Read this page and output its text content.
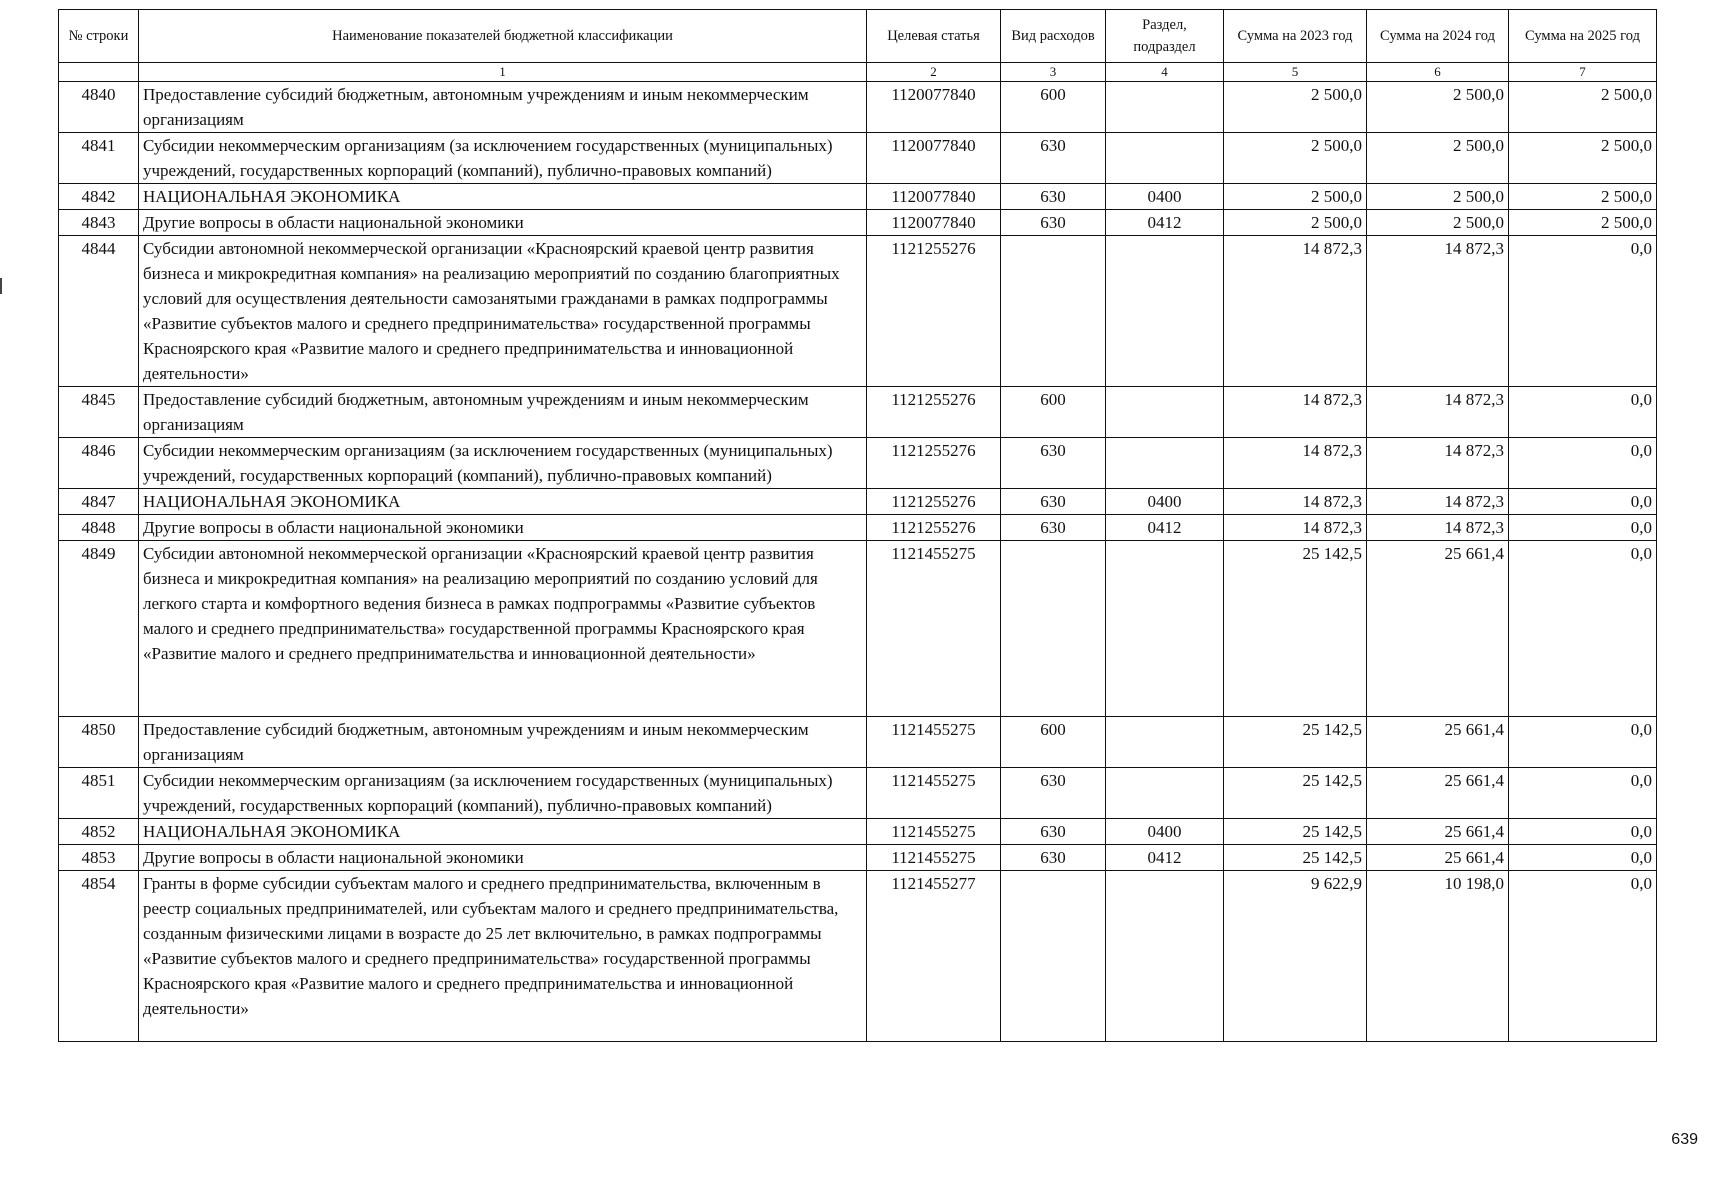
№ строки	Наименование показателей бюджетной классификации	Целевая статья	Вид расходов	Раздел, подраздел	Сумма на 2023 год	Сумма на 2024 год	Сумма на 2025 год
	1	2	3	4	5	6	7
4840	Предоставление субсидий бюджетным, автономным учреждениям и иным некоммерческим организациям	1120077840	600		2 500,0	2 500,0	2 500,0
4841	Субсидии некоммерческим организациям (за исключением государственных (муниципальных) учреждений, государственных корпораций (компаний), публично-правовых компаний)	1120077840	630		2 500,0	2 500,0	2 500,0
4842	НАЦИОНАЛЬНАЯ ЭКОНОМИКА	1120077840	630	0400	2 500,0	2 500,0	2 500,0
4843	Другие вопросы в области национальной экономики	1120077840	630	0412	2 500,0	2 500,0	2 500,0
4844	Субсидии автономной некоммерческой организации «Красноярский краевой центр развития бизнеса и микрокредитная компания» на реализацию мероприятий по созданию благоприятных условий для осуществления деятельности самозанятыми гражданами в рамках подпрограммы «Развитие субъектов малого и среднего предпринимательства» государственной программы Красноярского края «Развитие малого и среднего предпринимательства и инновационной деятельности»	1121255276			14 872,3	14 872,3	0,0
4845	Предоставление субсидий бюджетным, автономным учреждениям и иным некоммерческим организациям	1121255276	600		14 872,3	14 872,3	0,0
4846	Субсидии некоммерческим организациям (за исключением государственных (муниципальных) учреждений, государственных корпораций (компаний), публично-правовых компаний)	1121255276	630		14 872,3	14 872,3	0,0
4847	НАЦИОНАЛЬНАЯ ЭКОНОМИКА	1121255276	630	0400	14 872,3	14 872,3	0,0
4848	Другие вопросы в области национальной экономики	1121255276	630	0412	14 872,3	14 872,3	0,0
4849	Субсидии автономной некоммерческой организации «Красноярский краевой центр развития бизнеса и микрокредитная компания» на реализацию мероприятий по созданию условий для легкого старта и комфортного ведения бизнеса в рамках подпрограммы «Развитие субъектов малого и среднего предпринимательства» государственной программы Красноярского края «Развитие малого и среднего предпринимательства и инновационной деятельности»	1121455275			25 142,5	25 661,4	0,0
4850	Предоставление субсидий бюджетным, автономным учреждениям и иным некоммерческим организациям	1121455275	600		25 142,5	25 661,4	0,0
4851	Субсидии некоммерческим организациям (за исключением государственных (муниципальных) учреждений, государственных корпораций (компаний), публично-правовых компаний)	1121455275	630		25 142,5	25 661,4	0,0
4852	НАЦИОНАЛЬНАЯ ЭКОНОМИКА	1121455275	630	0400	25 142,5	25 661,4	0,0
4853	Другие вопросы в области национальной экономики	1121455275	630	0412	25 142,5	25 661,4	0,0
4854	Гранты в форме субсидии субъектам малого и среднего предпринимательства, включенным в реестр социальных предпринимателей, или субъектам малого и среднего предпринимательства, созданным физическими лицами в возрасте до 25 лет включительно, в рамках подпрограммы «Развитие субъектов малого и среднего предпринимательства» государственной программы Красноярского края «Развитие малого и среднего предпринимательства и инновационной деятельности»	1121455277			9 622,9	10 198,0	0,0
639
